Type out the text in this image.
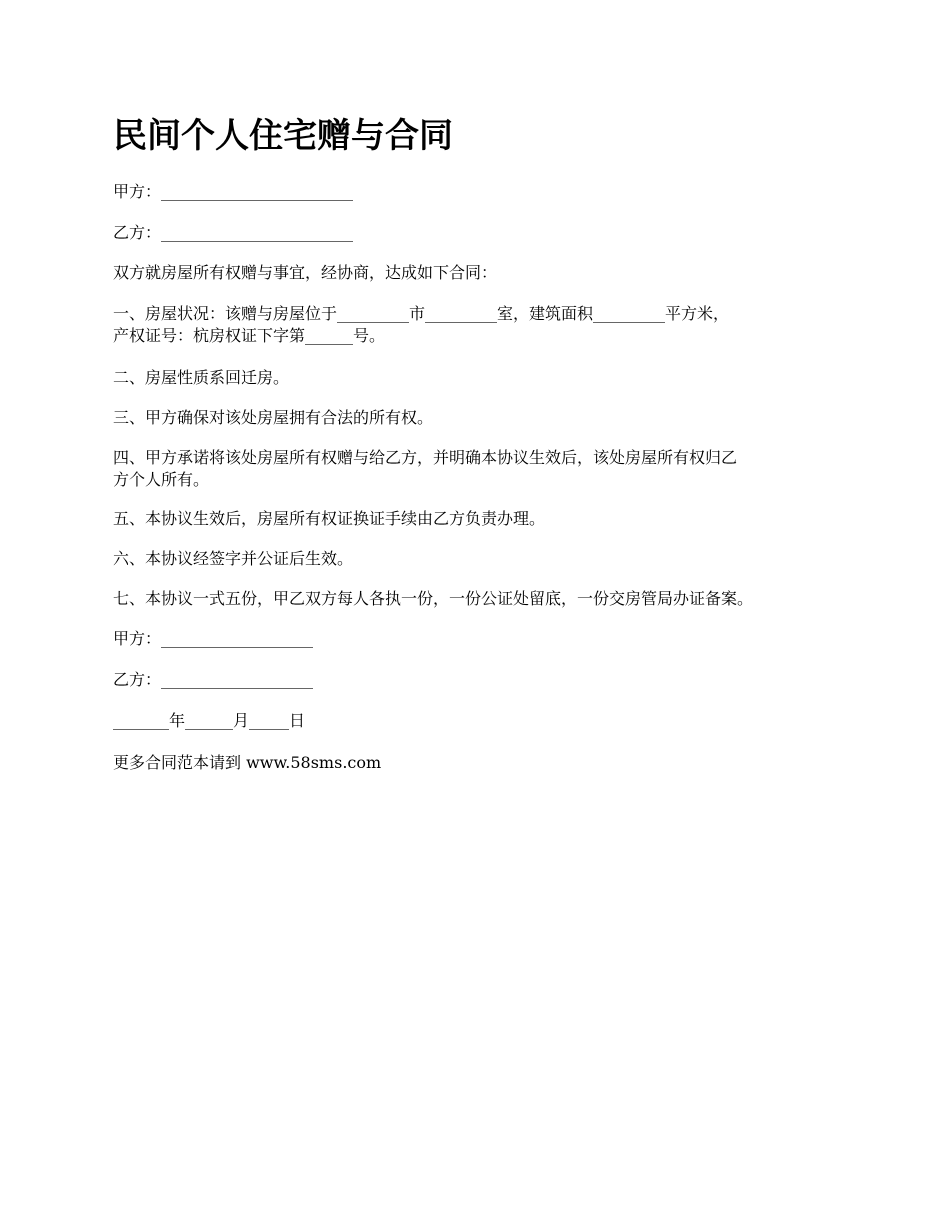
民间个人住宅赠与合同
甲方：________________________
乙方：________________________
双方就房屋所有权赠与事宜，经协商，达成如下合同：
一、房屋状况：该赠与房屋位于_________市_________室，建筑面积_________平方米，
产权证号：杭房权证下字第______号。
二、房屋性质系回迁房。
三、甲方确保对该处房屋拥有合法的所有权。
四、甲方承诺将该处房屋所有权赠与给乙方，并明确本协议生效后，该处房屋所有权归乙
方个人所有。
五、本协议生效后，房屋所有权证换证手续由乙方负责办理。
六、本协议经签字并公证后生效。
七、本协议一式五份，甲乙双方每人各执一份，一份公证处留底，一份交房管局办证备案。
甲方：___________________
乙方：___________________
_______年______月_____日
更多合同范本请到 www.58sms.com
